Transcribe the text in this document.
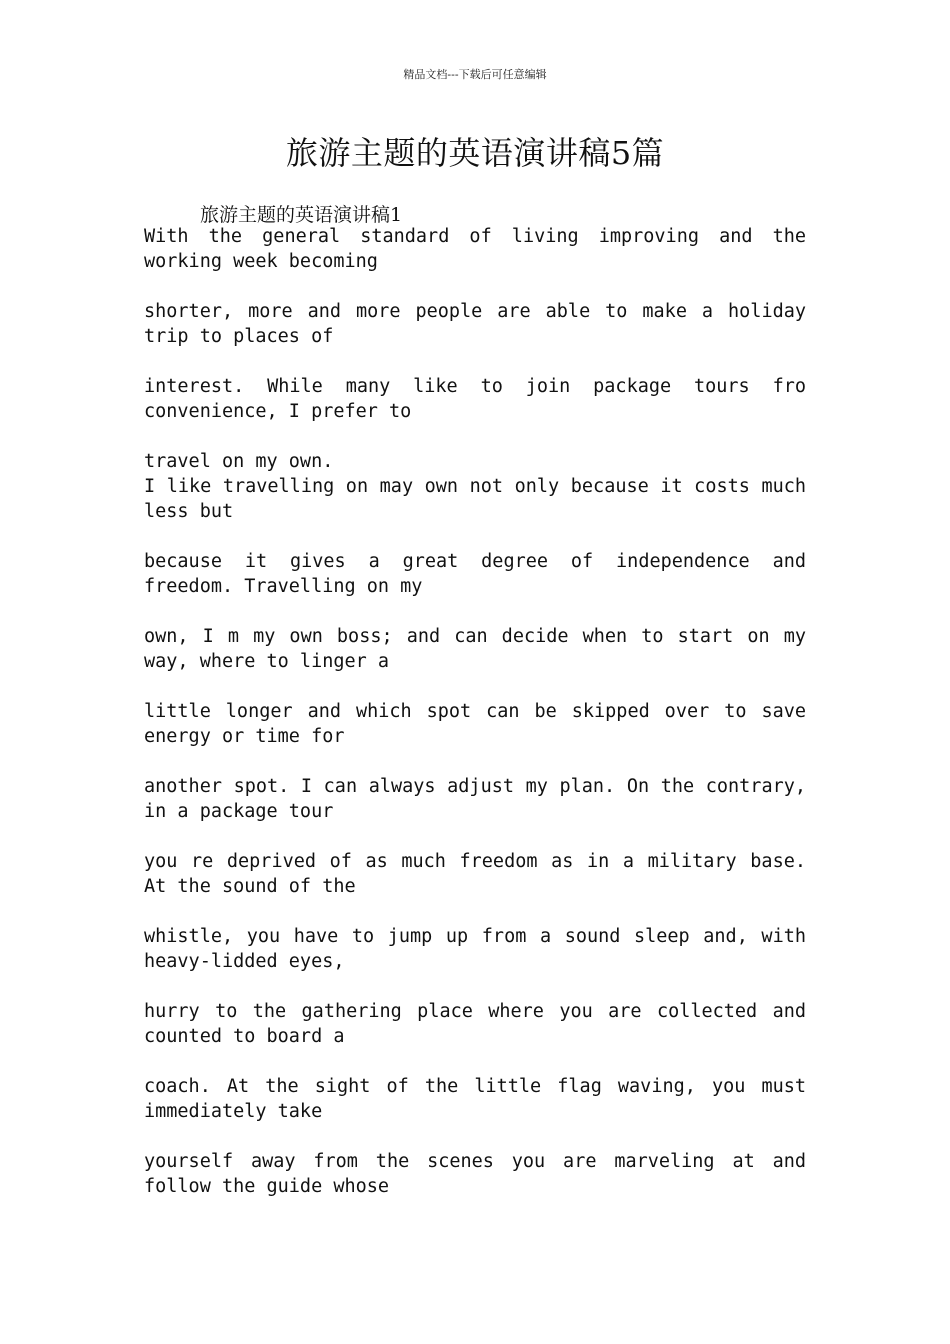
精品文档---下载后可任意编辑
旅游主题的英语演讲稿5篇
旅游主题的英语演讲稿1

With the general standard of living improving and the working week becoming

shorter, more and more people are able to make a holiday trip to places of

interest. While many like to join package tours fro convenience, I prefer to

travel on my own.

I like travelling on may own not only because it costs much less but

because it gives a great degree of independence and freedom. Travelling on my

own, I m my own boss; and can decide when to start on my way, where to linger a

little longer and which spot can be skipped over to save energy or time for

another spot. I can always adjust my plan. On the contrary, in a package tour

you re deprived of as much freedom as in a military base. At the sound of the

whistle, you have to jump up from a sound sleep and, with heavy-lidded eyes,

hurry to the gathering place where you are collected and counted to board a

coach. At the sight of the little flag waving, you must immediately take

yourself away from the scenes you are marveling at and follow the guide whose
